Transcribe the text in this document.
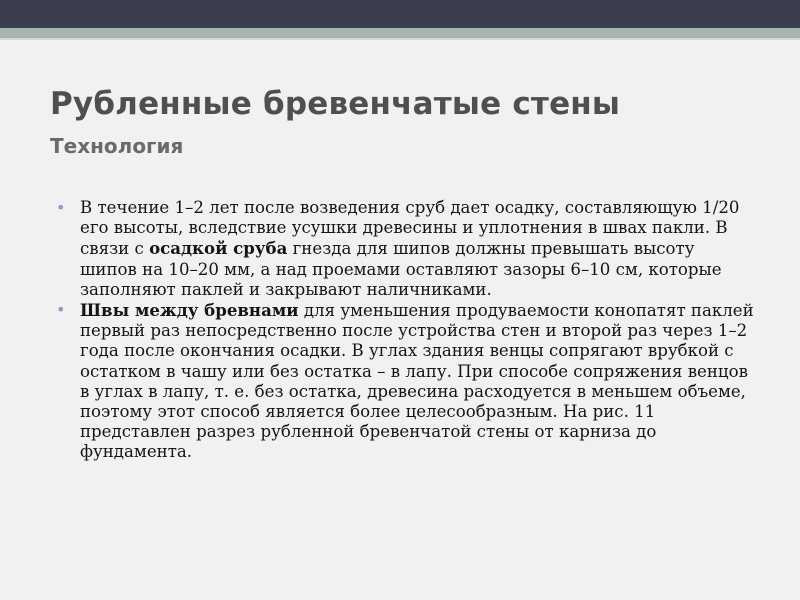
Рубленные бревенчатые стены
Технология
• В течение 1–2 лет после возведения сруб дает осадку, составляющую 1/20 его высоты, вследствие усушки древесины и уплотнения в швах пакли. В связи с осадкой сруба гнезда для шипов должны превышать высоту шипов на 10–20 мм, а над проемами оставляют зазоры 6–10 см, которые заполняют паклей и закрывают наличниками.
• Швы между бревнами для уменьшения продуваемости конопатят паклей первый раз непосредственно после устройства стен и второй раз через 1–2 года после окончания осадки. В углах здания венцы сопрягают врубкой с остатком в чашу или без остатка – в лапу. При способе сопряжения венцов в углах в лапу, т. е. без остатка, древесина расходуется в меньшем объеме, поэтому этот способ является более целесообразным. На рис. 11 представлен разрез рубленной бревенчатой стены от карниза до фундамента.
